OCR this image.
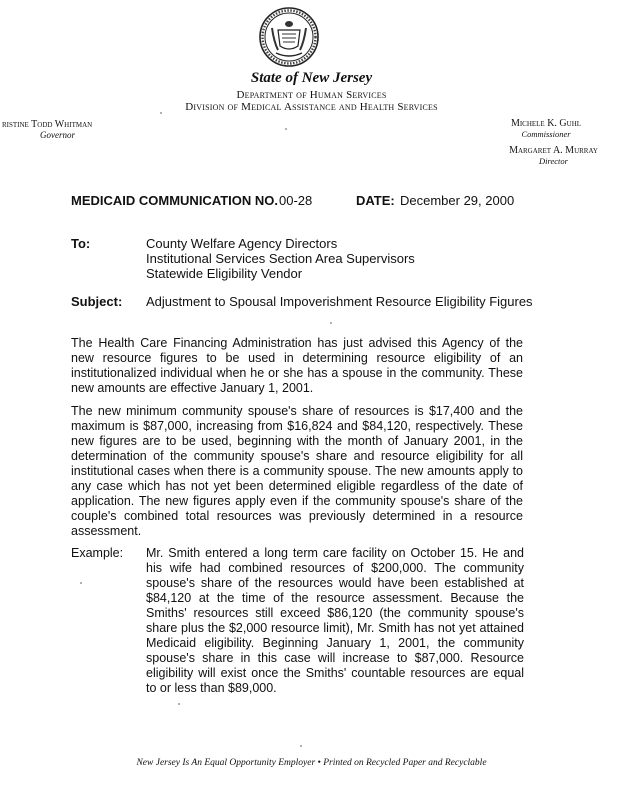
State of New Jersey
Department of Human Services
Division of Medical Assistance and Health Services
ristine Todd Whitman
Governor
Michele K. Guhl
Commissioner
Margaret A. Murray
Director
MEDICAID COMMUNICATION NO. 00-28	DATE: December 29, 2000
To:	County Welfare Agency Directors
Institutional Services Section Area Supervisors
Statewide Eligibility Vendor
Subject: Adjustment to Spousal Impoverishment Resource Eligibility Figures
The Health Care Financing Administration has just advised this Agency of the new resource figures to be used in determining resource eligibility of an institutionalized individual when he or she has a spouse in the community. These new amounts are effective January 1, 2001.
The new minimum community spouse's share of resources is $17,400 and the maximum is $87,000, increasing from $16,824 and $84,120, respectively. These new figures are to be used, beginning with the month of January 2001, in the determination of the community spouse's share and resource eligibility for all institutional cases when there is a community spouse. The new amounts apply to any case which has not yet been determined eligible regardless of the date of application. The new figures apply even if the community spouse's share of the couple's combined total resources was previously determined in a resource assessment.
Example: Mr. Smith entered a long term care facility on October 15. He and his wife had combined resources of $200,000. The community spouse's share of the resources would have been established at $84,120 at the time of the resource assessment. Because the Smiths' resources still exceed $86,120 (the community spouse's share plus the $2,000 resource limit), Mr. Smith has not yet attained Medicaid eligibility. Beginning January 1, 2001, the community spouse's share in this case will increase to $87,000. Resource eligibility will exist once the Smiths' countable resources are equal to or less than $89,000.
New Jersey Is An Equal Opportunity Employer • Printed on Recycled Paper and Recyclable
